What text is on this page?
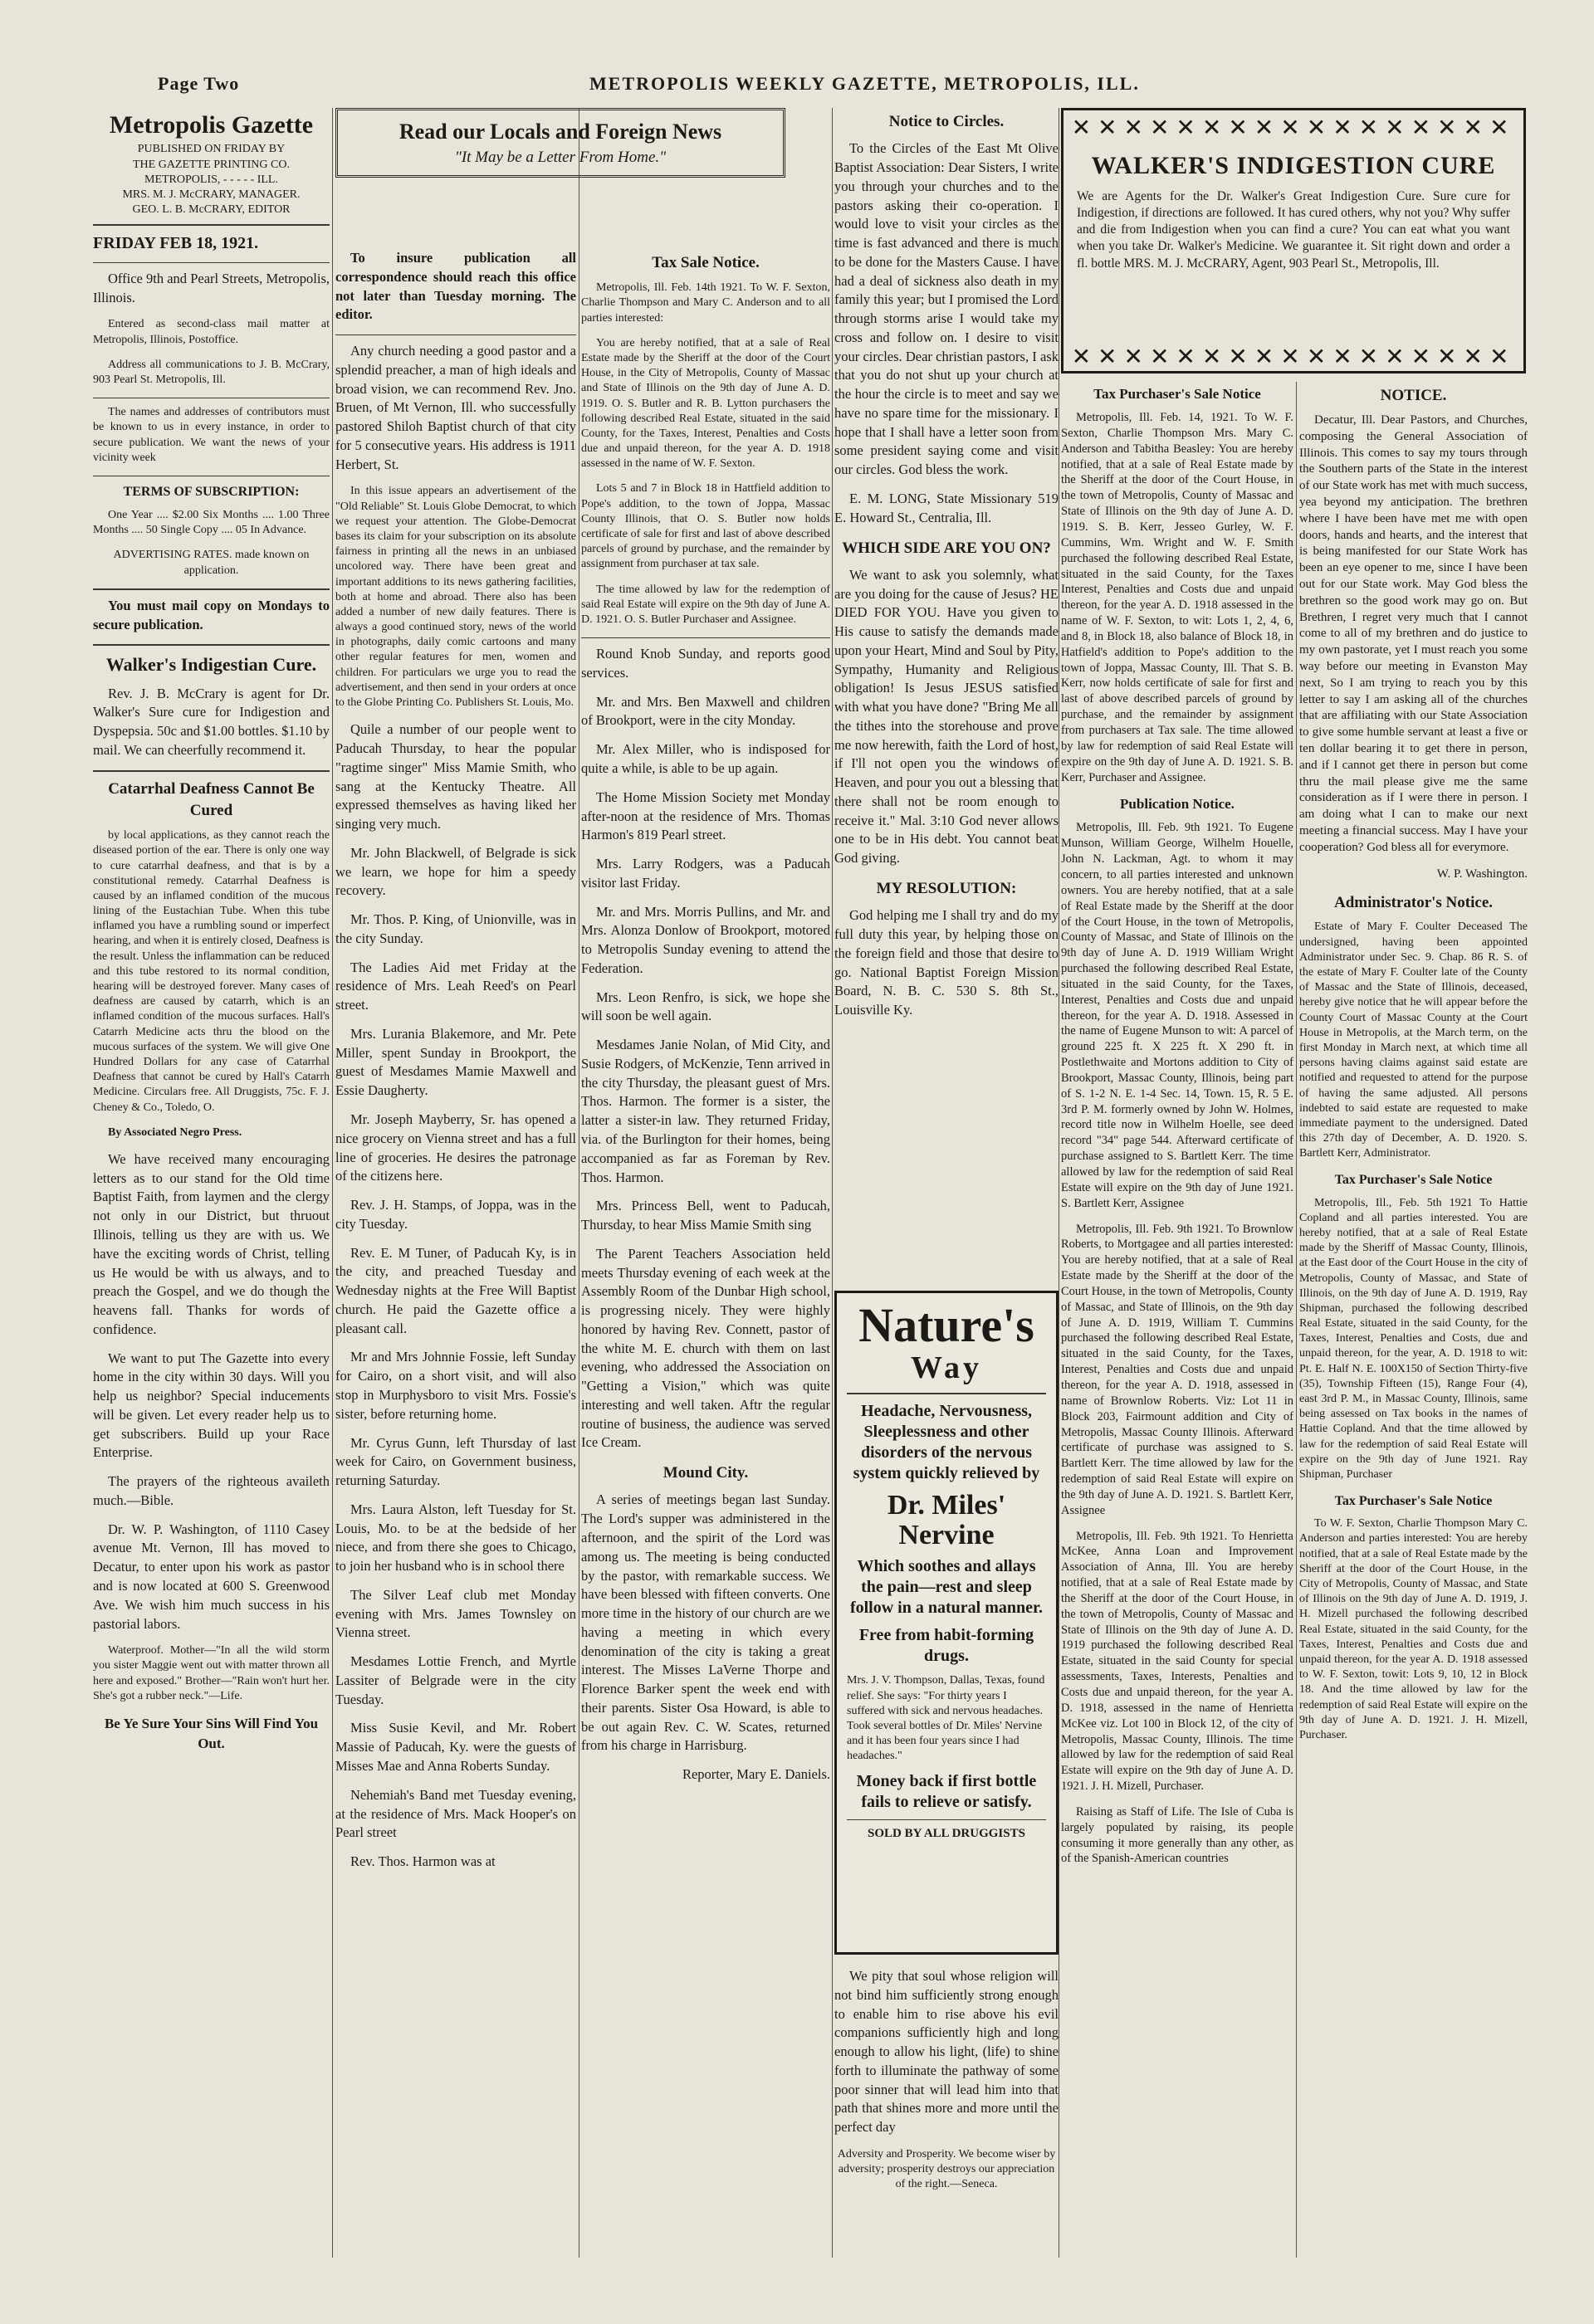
Page Two	METROPOLIS WEEKLY GAZETTE, METROPOLIS, ILL.
Metropolis Gazette
PUBLISHED ON FRIDAY BY
THE GAZETTE PRINTING CO.
METROPOLIS, - - - - - ILL.
MRS. M. J. McCRARY, MANAGER.
GEO. L. B. McCRARY, EDITOR
FRIDAY FEB 18, 1921.

Office 9th and Pearl Streets, Metropolis, Illinois.

Entered as second-class mail matter at Metropolis, Illinois, Postoffice.

Address all communications to J. B. McCrary, 903 Pearl St. Metropolis, Ill.

The names and addresses of contributors must be known to us in every instance, in order to secure publication. We want the news of your vicinity week

TERMS OF SUBSCRIPTION:

One Year .... $2.00 Six Months .... 1.00 Three Months .... 50 Single Copy .... 05 In Advance.

ADVERTISING RATES. made known on application.

You must mail copy on Mondays to secure publication.

Walker's Indigestian Cure.

Rev. J. B. McCrary is agent for Dr. Walker's Sure cure for Indigestion and Dyspepsia. 50c and $1.00 bottles. $1.10 by mail. We can cheerfully recommend it.

Catarrhal Deafness Cannot Be Cured

by local applications, as they cannot reach the diseased portion of the ear. There is only one way to cure catarrhal deafness, and that is by a constitutional remedy. Catarrhal Deafness is caused by an inflamed condition of the mucous lining of the Eustachian Tube. When this tube inflamed you have a rumbling sound or imperfect hearing, and when it is entirely closed, Deafness is the result. Unless the inflammation can be reduced and this tube restored to its normal condition, hearing will be destroyed forever. Many cases of deafness are caused by catarrh, which is an inflamed condition of the mucous surfaces. Hall's Catarrh Medicine acts thru the blood on the mucous surfaces of the system. We will give One Hundred Dollars for any case of Catarrhal Deafness that cannot be cured by Hall's Catarrh Medicine. Circulars free. All Druggists, 75c. F. J. Cheney & Co., Toledo, O.

By Associated Negro Press.

We have received many encouraging letters as to our stand for the Old time Baptist Faith, from laymen and the clergy not only in our District, but thruout Illinois, telling us they are with us. We have the exciting words of Christ, telling us He would be with us always, and to preach the Gospel, and we do though the heavens fall. Thanks for words of confidence.

We want to put The Gazette into every home in the city within 30 days. Will you help us neighbor? Special inducements will be given. Let every reader help us to get subscribers. Build up your Race Enterprise.

The prayers of the righteous availeth much.—Bible.

Dr. W. P. Washington, of 1110 Casey avenue Mt. Vernon, Ill has moved to Decatur, to enter upon his work as pastor and is now located at 600 S. Greenwood Ave. We wish him much success in his pastorial labors.

Waterproof. Mother—"In all the wild storm you sister Maggie went out with matter thrown all here and exposed." Brother—"Rain won't hurt her. She's got a rubber neck."—Life.

Be Ye Sure Your Sins Will Find You Out.
Read our Locals and Foreign News
"It May be a Letter From Home."

To insure publication all correspondence should reach this office not later than Tuesday morning. The editor.

Any church needing a good pastor and a splendid preacher, a man of high ideals and broad vision, we can recommend Rev. Jno. Bruen, of Mt Vernon, Ill. who successfully pastored Shiloh Baptist church of that city for 5 consecutive years. His address is 1911 Herbert, St.

In this issue appears an advertisement of the "Old Reliable" St. Louis Globe Democrat, to which we request your attention. The Globe-Democrat bases its claim for your subscription on its absolute fairness in printing all the news in an unbiased uncolored way. There have been great and important additions to its news gathering facilities, both at home and abroad. There also has been added a number of new daily features. There is always a good continued story, news of the world in photographs, daily comic cartoons and many other regular features for men, women and children. For particulars we urge you to read the advertisement, and then send in your orders at once to the Globe Printing Co. Publishers St. Louis, Mo.

Quile a number of our people went to Paducah Thursday, to hear the popular "ragtime singer" Miss Mamie Smith, who sang at the Kentucky Theatre. All expressed themselves as having liked her singing very much.

Mr. John Blackwell, of Belgrade is sick we learn, we hope for him a speedy recovery.

Mr. Thos. P. King, of Unionville, was in the city Sunday.

The Ladies Aid met Friday at the residence of Mrs. Leah Reed's on Pearl street.

Mrs. Lurania Blakemore, and Mr. Pete Miller, spent Sunday in Brookport, the guest of Mesdames Mamie Maxwell and Essie Daugherty.

Mr. Joseph Mayberry, Sr. has opened a nice grocery on Vienna street and has a full line of groceries. He desires the patronage of the citizens here.

Rev. J. H. Stamps, of Joppa, was in the city Tuesday.

Rev. E. M Tuner, of Paducah Ky, is in the city, and preached Tuesday and Wednesday nights at the Free Will Baptist church. He paid the Gazette office a pleasant call.

Mr and Mrs Johnnie Fossie, left Sunday for Cairo, on a short visit, and will also stop in Murphysboro to visit Mrs. Fossie's sister, before returning home.

Mr. Cyrus Gunn, left Thursday of last week for Cairo, on Government business, returning Saturday.

Mrs. Laura Alston, left Tuesday for St. Louis, Mo. to be at the bedside of her niece, and from there she goes to Chicago, to join her husband who is in school there

The Silver Leaf club met Monday evening with Mrs. James Townsley on Vienna street.

Mesdames Lottie French, and Myrtle Lassiter of Belgrade were in the city Tuesday.

Miss Susie Kevil, and Mr. Robert Massie of Paducah, Ky. were the guests of Misses Mae and Anna Roberts Sunday.

Nehemiah's Band met Tuesday evening, at the residence of Mrs. Mack Hooper's on Pearl street

Rev. Thos. Harmon was at

Tax Sale Notice.

Metropolis, Ill. Feb. 14th 1921. To W. F. Sexton, Charlie Thompson and Mary C. Anderson and to all parties interested:

You are hereby notified, that at a sale of Real Estate made by the Sheriff at the door of the Court House, in the City of Metropolis, County of Massac and State of Illinois on the 9th day of June A. D. 1919. O. S. Butler and R. B. Lytton purchasers the following described Real Estate, situated in the said County, for the Taxes, Interest, Penalties and Costs due and unpaid thereon, for the year A. D. 1918 assessed in the name of W. F. Sexton.

Lots 5 and 7 in Block 18 in Hattfield addition to Pope's addition, to the town of Joppa, Massac County Illinois, that O. S. Butler now holds certificate of sale for first and last of above described parcels of ground by purchase, and the remainder by assignment from purchaser at tax sale.

The time allowed by law for the redemption of said Real Estate will expire on the 9th day of June A. D. 1921. O. S. Butler Purchaser and Assignee.

Round Knob Sunday, and reports good services.

Mr. and Mrs. Ben Maxwell and children of Brookport, were in the city Monday.

Mr. Alex Miller, who is indisposed for quite a while, is able to be up again.

The Home Mission Society met Monday after-noon at the residence of Mrs. Thomas Harmon's 819 Pearl street.

Mrs. Larry Rodgers, was a Paducah visitor last Friday.

Mr. and Mrs. Morris Pullins, and Mr. and Mrs. Alonza Donlow of Brookport, motored to Metropolis Sunday evening to attend the Federation.

Mrs. Leon Renfro, is sick, we hope she will soon be well again.

Mesdames Janie Nolan, of Mid City, and Susie Rodgers, of McKenzie, Tenn arrived in the city Thursday, the pleasant guest of Mrs. Thos. Harmon. The former is a sister, the latter a sister-in law. They returned Friday, via. of the Burlington for their homes, being accompanied as far as Foreman by Rev. Thos. Harmon.

Mrs. Princess Bell, went to Paducah, Thursday, to hear Miss Mamie Smith sing

The Parent Teachers Association held meets Thursday evening of each week at the Assembly Room of the Dunbar High school, is progressing nicely. They were highly honored by having Rev. Connett, pastor of the white M. E. church with them on last evening, who addressed the Association on "Getting a Vision," which was quite interesting and well taken. Aftr the regular routine of business, the audience was served Ice Cream.

Mound City.

A series of meetings began last Sunday. The Lord's supper was administered in the afternoon, and the spirit of the Lord was among us. The meeting is being conducted by the pastor, with remarkable success. We have been blessed with fifteen converts. One more time in the history of our church are we having a meeting in which every denomination of the city is taking a great interest. The Misses LaVerne Thorpe and Florence Barker spent the week end with their parents. Sister Osa Howard, is able to be out again Rev. C. W. Scates, returned from his charge in Harrisburg.

Reporter, Mary E. Daniels.

Notice to Circles.

To the Circles of the East Mt Olive Baptist Association: Dear Sisters, I write you through your churches and to the pastors asking their co-operation. I would love to visit your circles as the time is fast advanced and there is much to be done for the Masters Cause. I have had a deal of sickness also death in my family this year; but I promised the Lord through storms arise I would take my cross and follow on. I desire to visit your circles. Dear christian pastors, I ask that you do not shut up your church at the hour the circle is to meet and say we have no spare time for the missionary. I hope that I shall have a letter soon from some president saying come and visit our circles. God bless the work.

E. M. LONG, State Missionary 519 E. Howard St., Centralia, Ill.

WHICH SIDE ARE YOU ON?

We want to ask you solemnly, what are you doing for the cause of Jesus? HE DIED FOR YOU. Have you given to His cause to satisfy the demands made upon your Heart, Mind and Soul by Pity, Sympathy, Humanity and Religious obligation! Is Jesus JESUS satisfied with what you have done? "Bring Me all the tithes into the storehouse and prove me now herewith, faith the Lord of host, if I'll not open you the windows of Heaven, and pour you out a blessing that there shall not be room enough to receive it." Mal. 3:10 God never allows one to be in His debt. You cannot beat God giving.

MY RESOLUTION:

God helping me I shall try and do my full duty this year, by helping those on the foreign field and those that desire to go. National Baptist Foreign Mission Board, N. B. C. 530 S. 8th St., Louisville Ky.

Nature's
Way
Headache, Nervousness, Sleeplessness and other disorders of the nervous system quickly relieved by
Dr. Miles' Nervine
Which soothes and allays the pain—rest and sleep follow in a natural manner.
Free from habit-forming drugs.
Mrs. J. V. Thompson, Dallas, Texas, found relief. She says: "For thirty years I suffered with sick and nervous headaches. Took several bottles of Dr. Miles' Nervine and it has been four years since I had headaches."
Money back if first bottle fails to relieve or satisfy.
SOLD BY ALL DRUGGISTS

We pity that soul whose religion will not bind him sufficiently strong enough to enable him to rise above his evil companions sufficiently high and long enough to allow his light, (life) to shine forth to illuminate the pathway of some poor sinner that will lead him into that path that shines more and more until the perfect day

Adversity and Prosperity. We become wiser by adversity; prosperity destroys our appreciation of the right.—Seneca.

✕✕✕✕✕✕✕✕✕✕✕✕✕✕✕✕✕
WALKER'S INDIGESTION CURE
We are Agents for the Dr. Walker's Great Indigestion Cure. Sure cure for Indigestion, if directions are followed. It has cured others, why not you? Why suffer and die from Indigestion when you can find a cure? You can eat what you want when you take Dr. Walker's Medicine. We guarantee it. Sit right down and order a fl. bottle MRS. M. J. McCRARY, Agent, 903 Pearl St., Metropolis, Ill.
✕✕✕✕✕✕✕✕✕✕✕✕✕✕✕✕✕
Tax Purchaser's Sale Notice

Metropolis, Ill. Feb. 14, 1921. To W. F. Sexton, Charlie Thompson Mrs. Mary C. Anderson and Tabitha Beasley: You are hereby notified, that at a sale of Real Estate made by the Sheriff at the door of the Court House, in the town of Metropolis, County of Massac and State of Illinois on the 9th day of June A. D. 1919. S. B. Kerr, Jesseo Gurley, W. F. Cummins, Wm. Wright and W. F. Smith purchased the following described Real Estate, situated in the said County, for the Taxes Interest, Penalties and Costs due and unpaid thereon, for the year A. D. 1918 assessed in the name of W. F. Sexton, to wit: Lots 1, 2, 4, 6, and 8, in Block 18, also balance of Block 18, in Hatfield's addition to Pope's addition to the town of Joppa, Massac County, Ill. That S. B. Kerr, now holds certificate of sale for first and last of above described parcels of ground by purchase, and the remainder by assignment from purchasers at Tax sale. The time allowed by law for redemption of said Real Estate will expire on the 9th day of June A. D. 1921. S. B. Kerr, Purchaser and Assignee.

Publication Notice.

Metropolis, Ill. Feb. 9th 1921. To Eugene Munson, William George, Wilhelm Houelle, John N. Lackman, Agt. to whom it may concern, to all parties interested and unknown owners. You are hereby notified, that at a sale of Real Estate made by the Sheriff at the door of the Court House, in the town of Metropolis, County of Massac, and State of Illinois on the 9th day of June A. D. 1919 William Wright purchased the following described Real Estate, situated in the said County, for the Taxes, Interest, Penalties and Costs due and unpaid thereon, for the year A. D. 1918. Assessed in the name of Eugene Munson to wit: A parcel of ground 225 ft. X 225 ft. X 290 ft. in Postlethwaite and Mortons addition to City of Brookport, Massac County, Illinois, being part of S. 1-2 N. E. 1-4 Sec. 14, Town. 15, R. 5 E. 3rd P. M. formerly owned by John W. Holmes, record title now in Wilhelm Hoelle, see deed record "34" page 544. Afterward certificate of purchase assigned to S. Bartlett Kerr. The time allowed by law for the redemption of said Real Estate will expire on the 9th day of June 1921. S. Bartlett Kerr, Assignee

Metropolis, Ill. Feb. 9th 1921. To Brownlow Roberts, to Mortgagee and all parties interested: You are hereby notified, that at a sale of Real Estate made by the Sheriff at the door of the Court House, in the town of Metropolis, County of Massac, and State of Illinois, on the 9th day of June A. D. 1919, William T. Cummins purchased the following described Real Estate, situated in the said County, for the Taxes, Interest, Penalties and Costs due and unpaid thereon, for the year A. D. 1918, assessed in name of Brownlow Roberts. Viz: Lot 11 in Block 203, Fairmount addition and City of Metropolis, Massac County Illinois. Afterward certificate of purchase was assigned to S. Bartlett Kerr. The time allowed by law for the redemption of said Real Estate will expire on the 9th day of June A. D. 1921. S. Bartlett Kerr, Assignee

Metropolis, Ill. Feb. 9th 1921. To Henrietta McKee, Anna Loan and Improvement Association of Anna, Ill. You are hereby notified, that at a sale of Real Estate made by the Sheriff at the door of the Court House, in the town of Metropolis, County of Massac and State of Illinois on the 9th day of June A. D. 1919 purchased the following described Real Estate, situated in the said County for special assessments, Taxes, Interests, Penalties and Costs due and unpaid thereon, for the year A. D. 1918, assessed in the name of Henrietta McKee viz. Lot 100 in Block 12, of the city of Metropolis, Massac County, Illinois. The time allowed by law for the redemption of said Real Estate will expire on the 9th day of June A. D. 1921. J. H. Mizell, Purchaser.

Raising as Staff of Life. The Isle of Cuba is largely populated by raising, its people consuming it more generally than any other, as of the Spanish-American countries

NOTICE.

Decatur, Ill. Dear Pastors, and Churches, composing the General Association of Illinois. This comes to say my tours through the Southern parts of the State in the interest of our State work has met with much success, yea beyond my anticipation. The brethren where I have been have met me with open doors, hands and hearts, and the interest that is being manifested for our State Work has been an eye opener to me, since I have been out for our State work. May God bless the brethren so the good work may go on. But Brethren, I regret very much that I cannot come to all of my brethren and do justice to my own pastorate, yet I must reach you some way before our meeting in Evanston May next, So I am trying to reach you by this letter to say I am asking all of the churches that are affiliating with our State Association to give some humble servant at least a five or ten dollar bearing it to get there in person, and if I cannot get there in person but come thru the mail please give me the same consideration as if I were there in person. I am doing what I can to make our next meeting a financial success. May I have your cooperation? God bless all for everymore.

W. P. Washington.

Administrator's Notice.

Estate of Mary F. Coulter Deceased The undersigned, having been appointed Administrator under Sec. 9. Chap. 86 R. S. of the estate of Mary F. Coulter late of the County of Massac and the State of Illinois, deceased, hereby give notice that he will appear before the County Court of Massac County at the Court House in Metropolis, at the March term, on the first Monday in March next, at which time all persons having claims against said estate are notified and requested to attend for the purpose of having the same adjusted. All persons indebted to said estate are requested to make immediate payment to the undersigned. Dated this 27th day of December, A. D. 1920. S. Bartlett Kerr, Administrator.

Tax Purchaser's Sale Notice

Metropolis, Ill., Feb. 5th 1921 To Hattie Copland and all parties interested. You are hereby notified, that at a sale of Real Estate made by the Sheriff of Massac County, Illinois, at the East door of the Court House in the city of Metropolis, County of Massac, and State of Illinois, on the 9th day of June A. D. 1919, Ray Shipman, purchased the following described Real Estate, situated in the said County, for the Taxes, Interest, Penalties and Costs, due and unpaid thereon, for the year, A. D. 1918 to wit: Pt. E. Half N. E. 100X150 of Section Thirty-five (35), Township Fifteen (15), Range Four (4), east 3rd P. M., in Massac County, Illinois, same being assessed on Tax books in the names of Hattie Copland. And that the time allowed by law for the redemption of said Real Estate will expire on the 9th day of June 1921. Ray Shipman, Purchaser

Tax Purchaser's Sale Notice

To W. F. Sexton, Charlie Thompson Mary C. Anderson and parties interested: You are hereby notified, that at a sale of Real Estate made by the Sheriff at the door of the Court House, in the City of Metropolis, County of Massac, and State of Illinois on the 9th day of June A. D. 1919, J. H. Mizell purchased the following described Real Estate, situated in the said County, for the Taxes, Interest, Penalties and Costs due and unpaid thereon, for the year A. D. 1918 assessed to W. F. Sexton, towit: Lots 9, 10, 12 in Block 18. And the time allowed by law for the redemption of said Real Estate will expire on the 9th day of June A. D. 1921. J. H. Mizell, Purchaser.
